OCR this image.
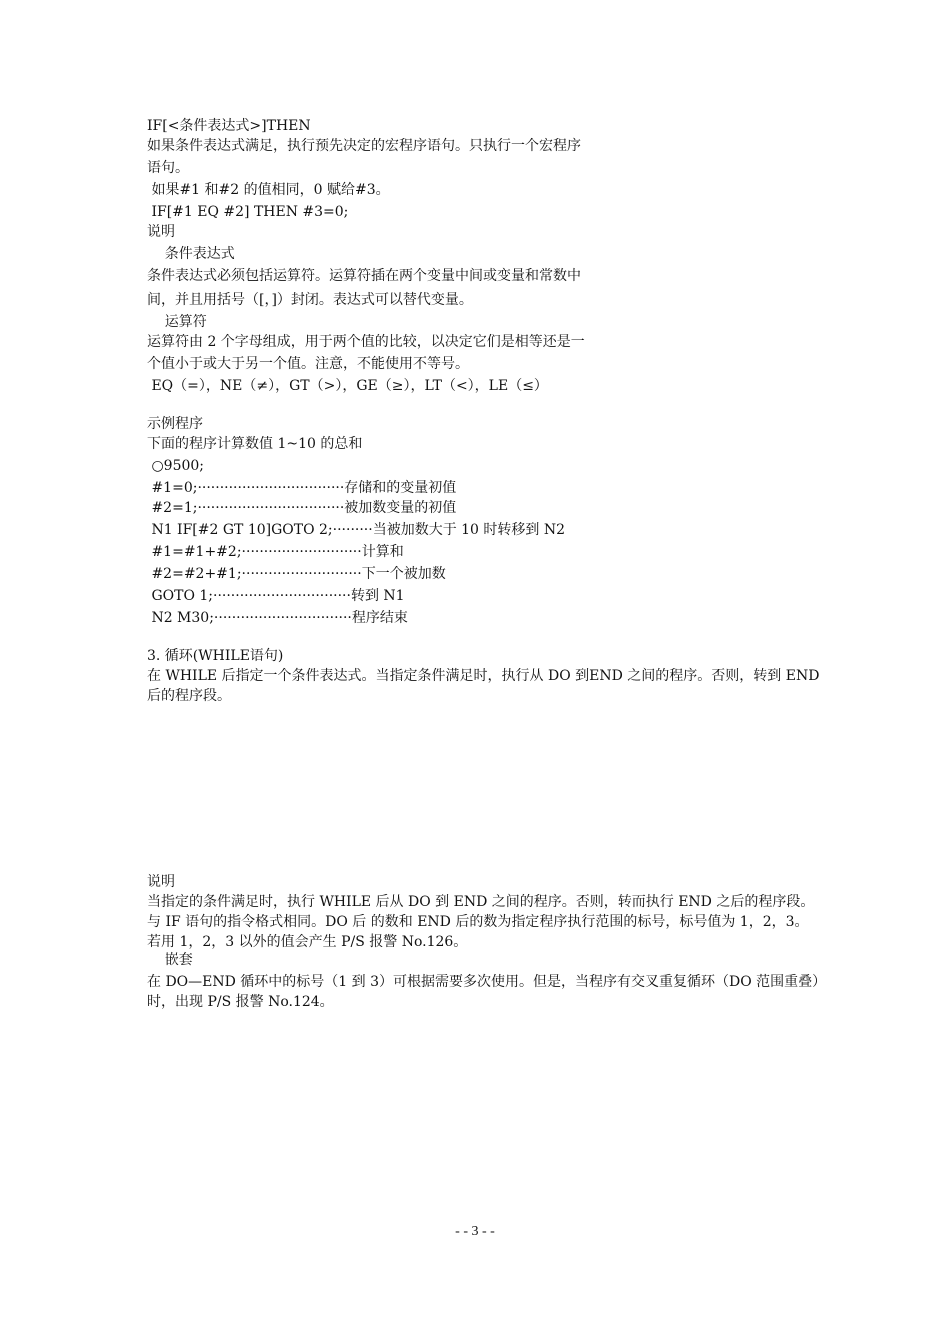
IF[<条件表达式>]THEN
如果条件表达式满足，执行预先决定的宏程序语句。只执行一个宏程序
语句。
如果#1 和#2 的值相同，0 赋给#3。
IF[#1 EQ #2] THEN #3=0;
说明
条件表达式
条件表达式必须包括运算符。运算符插在两个变量中间或变量和常数中
间，并且用括号（[，]）封闭。表达式可以替代变量。
运算符
运算符由 2 个字母组成，用于两个值的比较，以决定它们是相等还是一
个值小于或大于另一个值。注意，不能使用不等号。
EQ（=），NE（≠），GT（>），GE（≥），LT（<），LE（≤）
示例程序
下面的程序计算数值 1~10 的总和
○9500;
#1=0;·································存储和的变量初值
#2=1;·································被加数变量的初值
N1 IF[#2 GT 10]GOTO 2;·········当被加数大于 10 时转移到 N2
#1=#1+#2;···························计算和
#2=#2+#1;···························下一个被加数
GOTO 1;·······························转到 N1
N2 M30;·······························程序结束
3. 循环(WHILE语句)
在 WHILE 后指定一个条件表达式。当指定条件满足时，执行从 DO 到END 之间的程序。否则，转到 END 后的程序段。
说明
当指定的条件满足时，执行 WHILE 后从 DO 到 END 之间的程序。否则，转而执行 END 之后的程序段。与 IF 语句的指令格式相同。DO 后 的数和 END 后的数为指定程序执行范围的标号，标号值为 1，2，3。 若用 1，2，3 以外的值会产生 P/S 报警 No.126。
嵌套
在 DO—END 循环中的标号（1 到 3）可根据需要多次使用。但是，当程序有交叉重复循环（DO 范围重叠）时，出现 P/S 报警 No.124。
- - 3 - -
